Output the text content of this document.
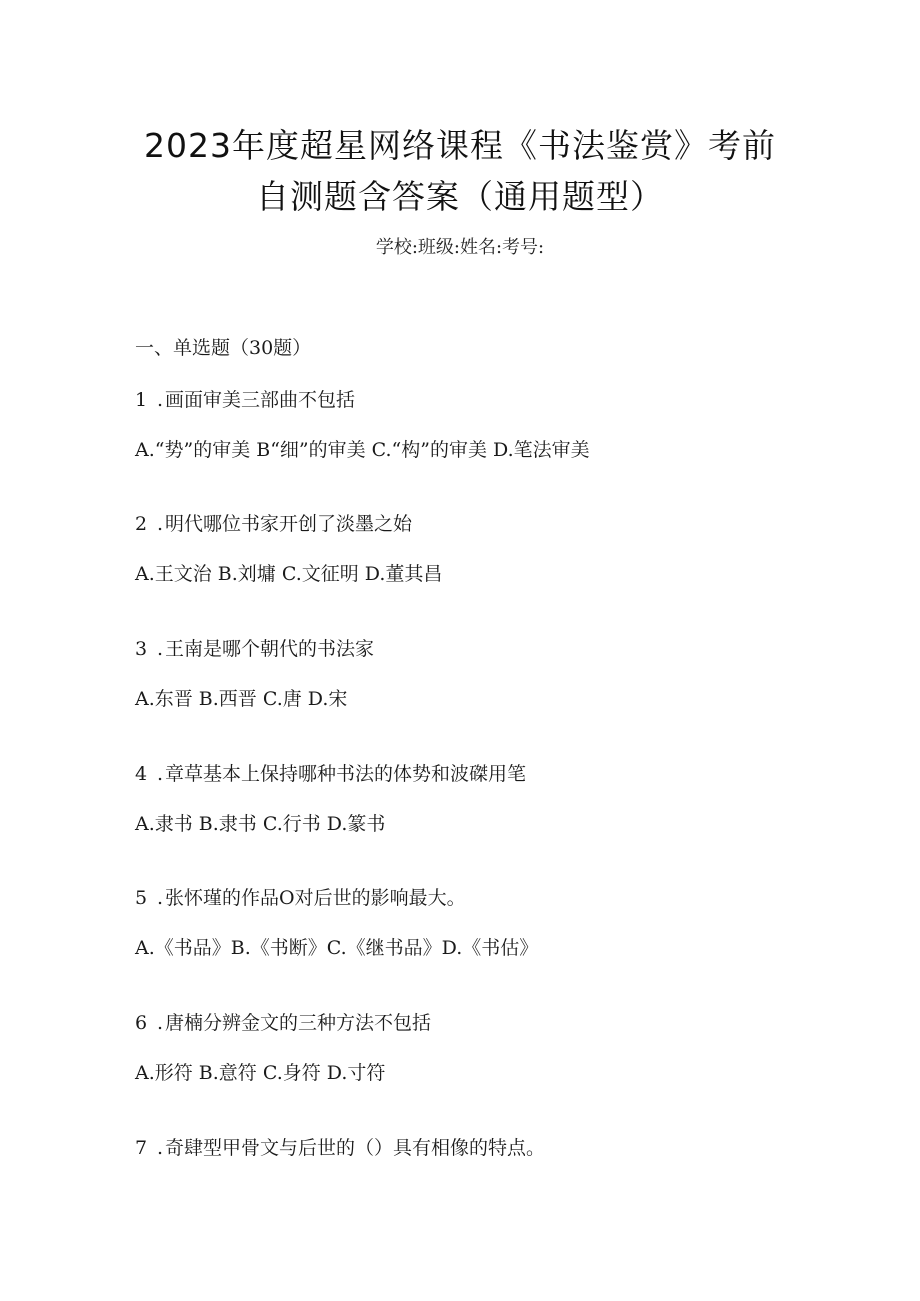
2023年度超星网络课程《书法鉴赏》考前
自测题含答案（通用题型）
学校:班级:姓名:考号:
一、单选题（30题）
1 . 画面审美三部曲不包括
A.“势”的审美 B“细”的审美 C.“构”的审美 D.笔法审美
2 . 明代哪位书家开创了淡墨之始
A.王文治 B.刘墉 C.文征明 D.董其昌
3 . 王南是哪个朝代的书法家
A.东晋 B.西晋 C.唐 D.宋
4 . 章草基本上保持哪种书法的体势和波磔用笔
A.隶书 B.隶书 C.行书 D.篆书
5 . 张怀瑾的作品O对后世的影响最大。
A.《书品》B.《书断》C.《继书品》D.《书估》
6 . 唐楠分辨金文的三种方法不包括
A.形符 B.意符 C.身符 D.寸符
7 . 奇肆型甲骨文与后世的（）具有相像的特点。
